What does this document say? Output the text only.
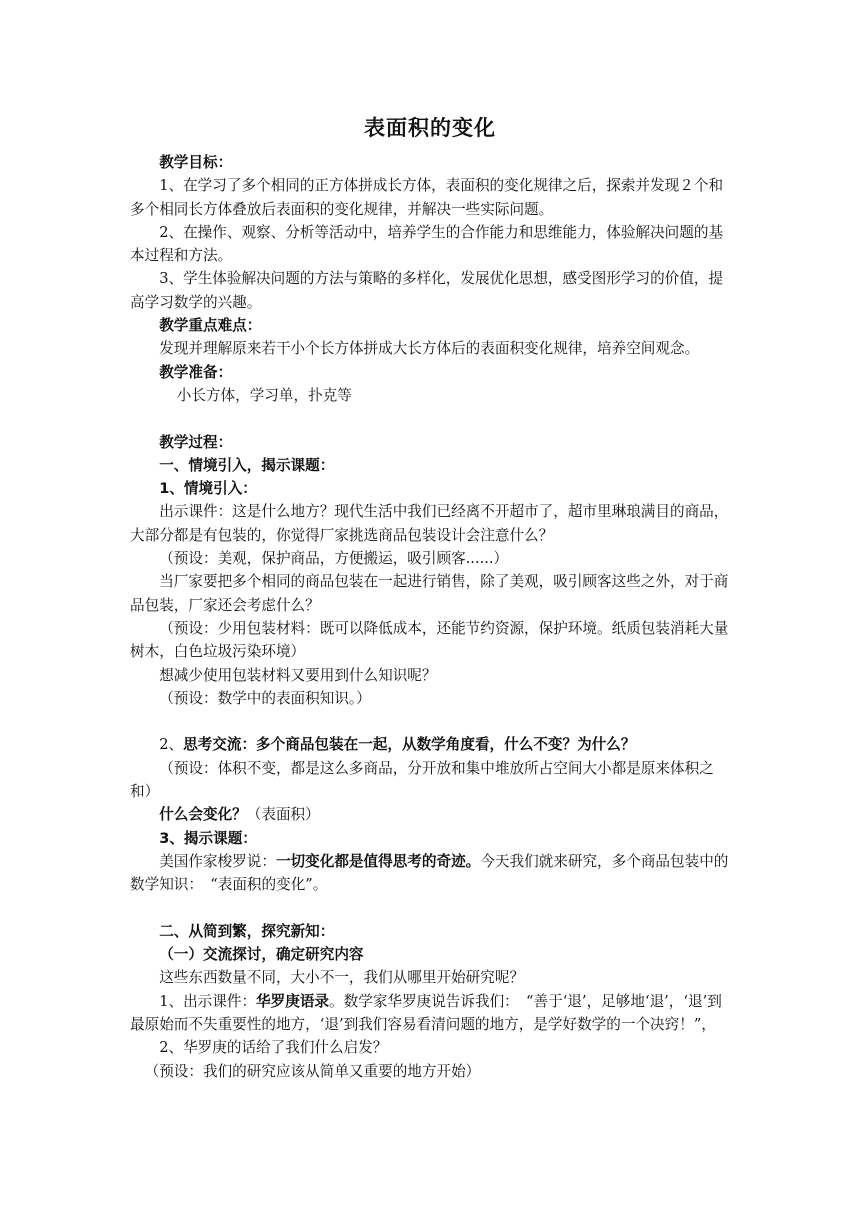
表面积的变化

教学目标：

1、在学习了多个相同的正方体拼成长方体，表面积的变化规律之后，探索并发现２个和多个相同长方体叠放后表面积的变化规律，并解决一些实际问题。

2、在操作、观察、分析等活动中，培养学生的合作能力和思维能力，体验解决问题的基本过程和方法。

3、学生体验解决问题的方法与策略的多样化，发展优化思想，感受图形学习的价值，提高学习数学的兴趣。

教学重点难点：

发现并理解原来若干小个长方体拼成大长方体后的表面积变化规律，培养空间观念。

教学准备：

小长方体，学习单，扑克等

教学过程：

一、情境引入，揭示课题：

1、情境引入：

出示课件：这是什么地方？现代生活中我们已经离不开超市了，超市里琳琅满目的商品，大部分都是有包装的，你觉得厂家挑选商品包装设计会注意什么？

（预设：美观，保护商品，方便搬运，吸引顾客......）

当厂家要把多个相同的商品包装在一起进行销售，除了美观，吸引顾客这些之外，对于商品包装，厂家还会考虑什么？

（预设：少用包装材料：既可以降低成本，还能节约资源，保护环境。纸质包装消耗大量树木，白色垃圾污染环境）

想减少使用包装材料又要用到什么知识呢？

（预设：数学中的表面积知识。）

2、思考交流：多个商品包装在一起，从数学角度看，什么不变？为什么？

（预设：体积不变，都是这么多商品，分开放和集中堆放所占空间大小都是原来体积之和）

什么会变化？（表面积）

3、揭示课题：

美国作家梭罗说：一切变化都是值得思考的奇迹。今天我们就来研究，多个商品包装中的数学知识：　“表面积的变化”。

二、从简到繁，探究新知：

（一）交流探讨，确定研究内容

这些东西数量不同，大小不一，我们从哪里开始研究呢？

1、出示课件：华罗庚语录。数学家华罗庚说告诉我们：　“善于‘退’，足够地‘退’，‘退’到最原始而不失重要性的地方，‘退’到我们容易看清问题的地方，是学好数学的一个决窍！”，

2、华罗庚的话给了我们什么启发？

（预设：我们的研究应该从简单又重要的地方开始）
